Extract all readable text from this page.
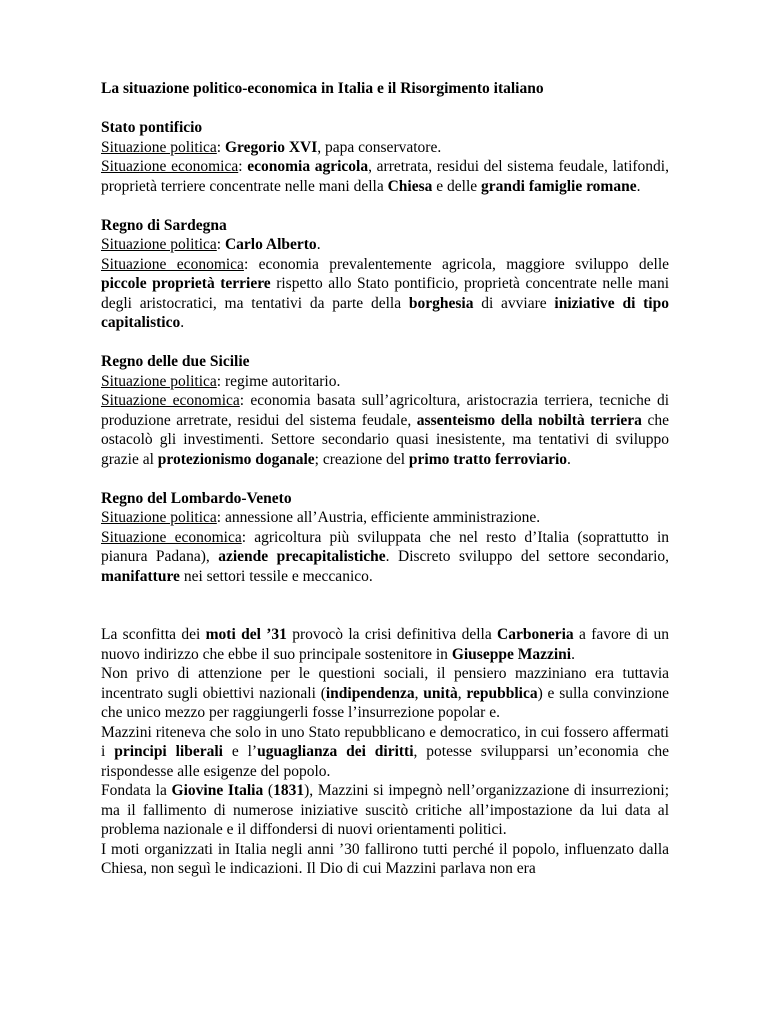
La situazione politico-economica in Italia e il Risorgimento italiano
Stato pontificio
Situazione politica: Gregorio XVI, papa conservatore.
Situazione economica: economia agricola, arretrata, residui del sistema feudale, latifondi, proprietà terriere concentrate nelle mani della Chiesa e delle grandi famiglie romane.
Regno di Sardegna
Situazione politica: Carlo Alberto.
Situazione economica: economia prevalentemente agricola, maggiore sviluppo delle piccole proprietà terriere rispetto allo Stato pontificio, proprietà concentrate nelle mani degli aristocratici, ma tentativi da parte della borghesia di avviare iniziative di tipo capitalistico.
Regno delle due Sicilie
Situazione politica: regime autoritario.
Situazione economica: economia basata sull’agricoltura, aristocrazia terriera, tecniche di produzione arretrate, residui del sistema feudale, assenteismo della nobiltà terriera che ostacolò gli investimenti. Settore secondario quasi inesistente, ma tentativi di sviluppo grazie al protezionismo doganale; creazione del primo tratto ferroviario.
Regno del Lombardo-Veneto
Situazione politica: annessione all’Austria, efficiente amministrazione.
Situazione economica: agricoltura più sviluppata che nel resto d’Italia (soprattutto in pianura Padana), aziende precapitalistiche. Discreto sviluppo del settore secondario, manifatture nei settori tessile e meccanico.

La sconfitta dei moti del ’31 provocò la crisi definitiva della Carboneria a favore di un nuovo indirizzo che ebbe il suo principale sostenitore in Giuseppe Mazzini.

Non privo di attenzione per le questioni sociali, il pensiero mazziniano era tuttavia incentrato sugli obiettivi nazionali (indipendenza, unità, repubblica) e sulla convinzione che unico mezzo per raggiungerli fosse l’insurrezione popolar e.

Mazzini riteneva che solo in uno Stato repubblicano e democratico, in cui fossero affermati i principi liberali e l’uguaglianza dei diritti, potesse svilupparsi un’economia che rispondesse alle esigenze del popolo.

Fondata la Giovine Italia (1831), Mazzini si impegnò nell’organizzazione di insurrezioni; ma il fallimento di numerose iniziative suscitò critiche all’impostazione da lui data al problema nazionale e il diffondersi di nuovi orientamenti politici.

I moti organizzati in Italia negli anni ’30 fallirono tutti perché il popolo, influenzato dalla Chiesa, non seguì le indicazioni. Il Dio di cui Mazzini parlava non era
